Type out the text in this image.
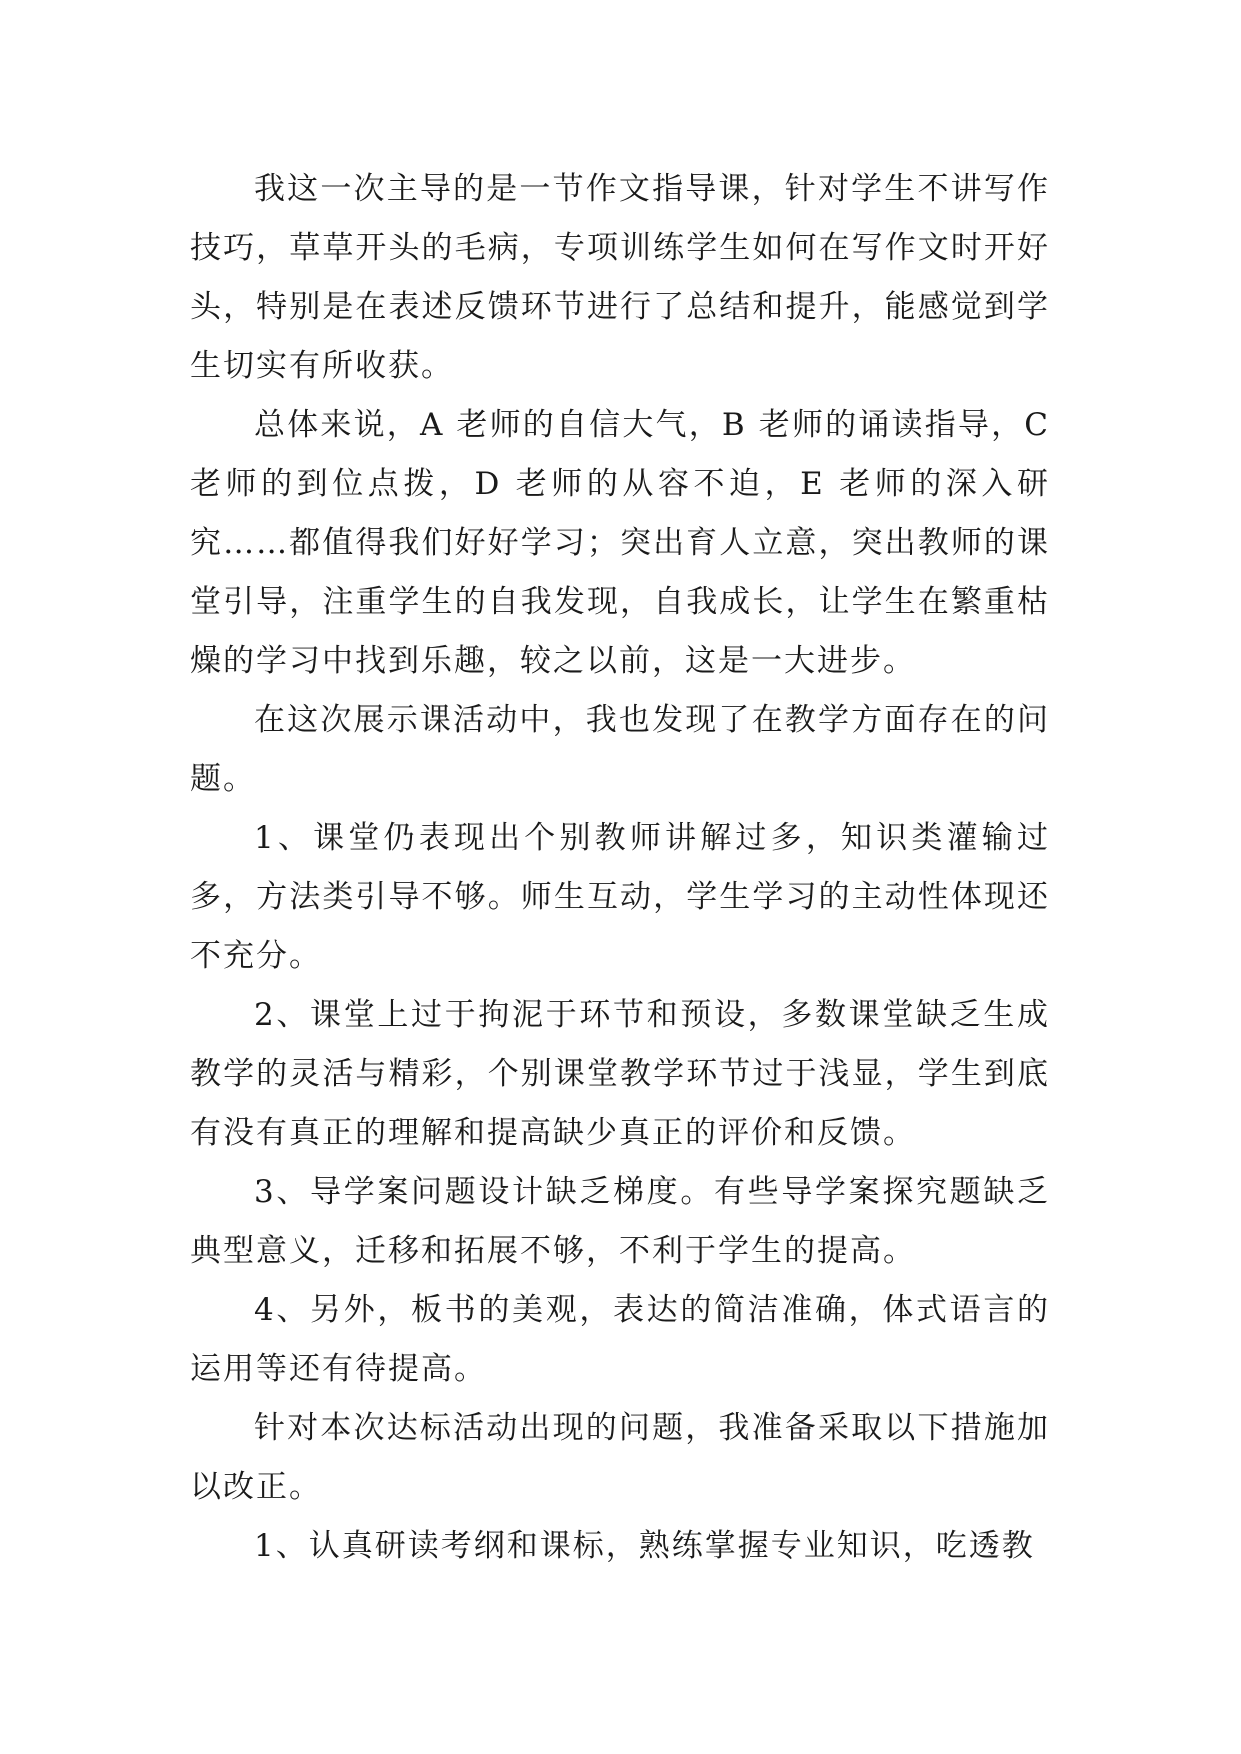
我这一次主导的是一节作文指导课，针对学生不讲写作技巧，草草开头的毛病，专项训练学生如何在写作文时开好头，特别是在表述反馈环节进行了总结和提升，能感觉到学生切实有所收获。

总体来说，A 老师的自信大气，B 老师的诵读指导，C 老师的到位点拨，D 老师的从容不迫，E 老师的深入研究……都值得我们好好学习；突出育人立意，突出教师的课堂引导，注重学生的自我发现，自我成长，让学生在繁重枯燥的学习中找到乐趣，较之以前，这是一大进步。

在这次展示课活动中，我也发现了在教学方面存在的问题。

1、课堂仍表现出个别教师讲解过多，知识类灌输过多，方法类引导不够。师生互动，学生学习的主动性体现还不充分。

2、课堂上过于拘泥于环节和预设，多数课堂缺乏生成教学的灵活与精彩，个别课堂教学环节过于浅显，学生到底有没有真正的理解和提高缺少真正的评价和反馈。

3、导学案问题设计缺乏梯度。有些导学案探究题缺乏典型意义，迁移和拓展不够，不利于学生的提高。

4、另外，板书的美观，表达的简洁准确，体式语言的运用等还有待提高。

针对本次达标活动出现的问题，我准备采取以下措施加以改正。

1、认真研读考纲和课标，熟练掌握专业知识，吃透教
